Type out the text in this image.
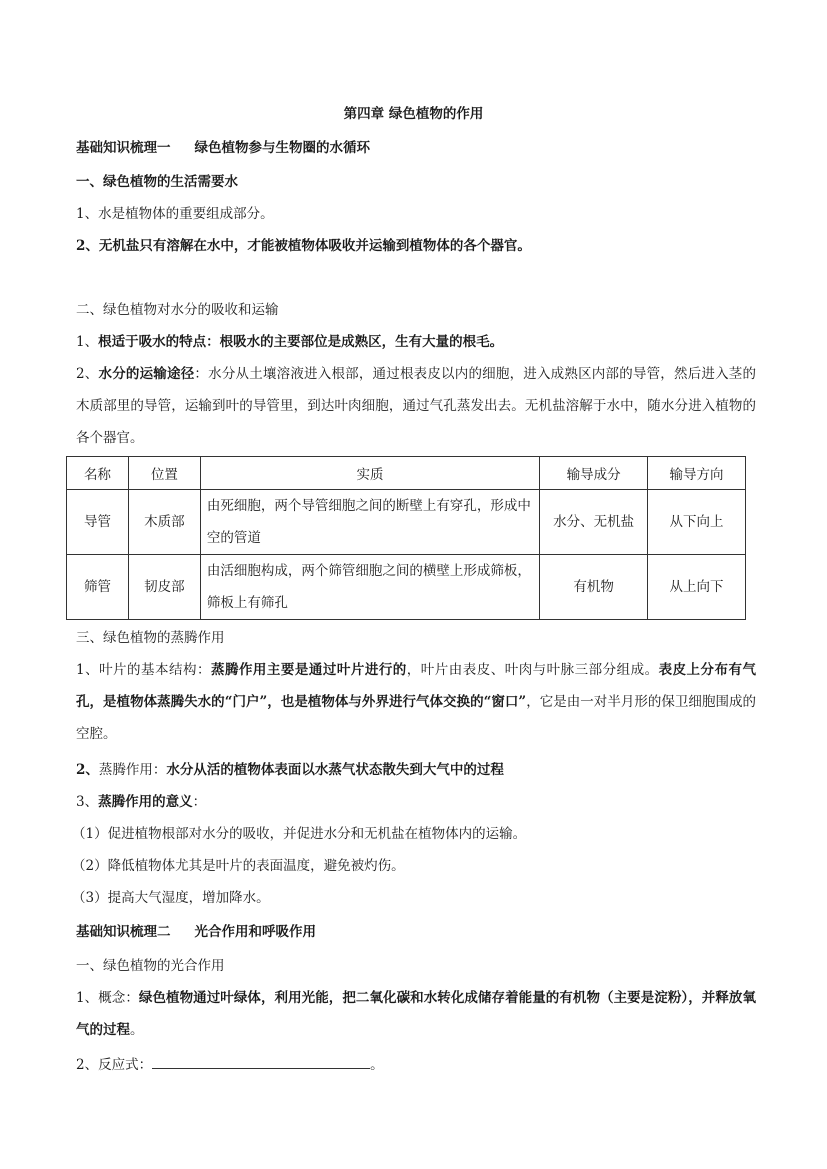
第四章 绿色植物的作用
基础知识梳理一 绿色植物参与生物圈的水循环
一、绿色植物的生活需要水
1、水是植物体的重要组成部分。
2、无机盐只有溶解在水中，才能被植物体吸收并运输到植物体的各个器官。
二、绿色植物对水分的吸收和运输
1、根适于吸水的特点：根吸水的主要部位是成熟区，生有大量的根毛。
2、水分的运输途径：水分从土壤溶液进入根部，通过根表皮以内的细胞，进入成熟区内部的导管，然后进入茎的木质部里的导管，运输到叶的导管里，到达叶肉细胞，通过气孔蒸发出去。无机盐溶解于水中，随水分进入植物的各个器官。
名称	位置	实质	输导成分	输导方向
导管	木质部	由死细胞，两个导管细胞之间的断壁上有穿孔，形成中空的管道	水分、无机盐	从下向上
筛管	韧皮部	由活细胞构成，两个筛管细胞之间的横壁上形成筛板，筛板上有筛孔	有机物	从上向下
三、绿色植物的蒸腾作用
1、叶片的基本结构：蒸腾作用主要是通过叶片进行的，叶片由表皮、叶肉与叶脉三部分组成。表皮上分布有气孔，是植物体蒸腾失水的“门户”，也是植物体与外界进行气体交换的“窗口”，它是由一对半月形的保卫细胞围成的空腔。
2、蒸腾作用：水分从活的植物体表面以水蒸气状态散失到大气中的过程
3、蒸腾作用的意义：
（1）促进植物根部对水分的吸收，并促进水分和无机盐在植物体内的运输。
（2）降低植物体尤其是叶片的表面温度，避免被灼伤。
（3）提高大气湿度，增加降水。
基础知识梳理二 光合作用和呼吸作用
一、绿色植物的光合作用
1、概念：绿色植物通过叶绿体，利用光能，把二氧化碳和水转化成储存着能量的有机物（主要是淀粉），并释放氧气的过程。
2、反应式：	。
